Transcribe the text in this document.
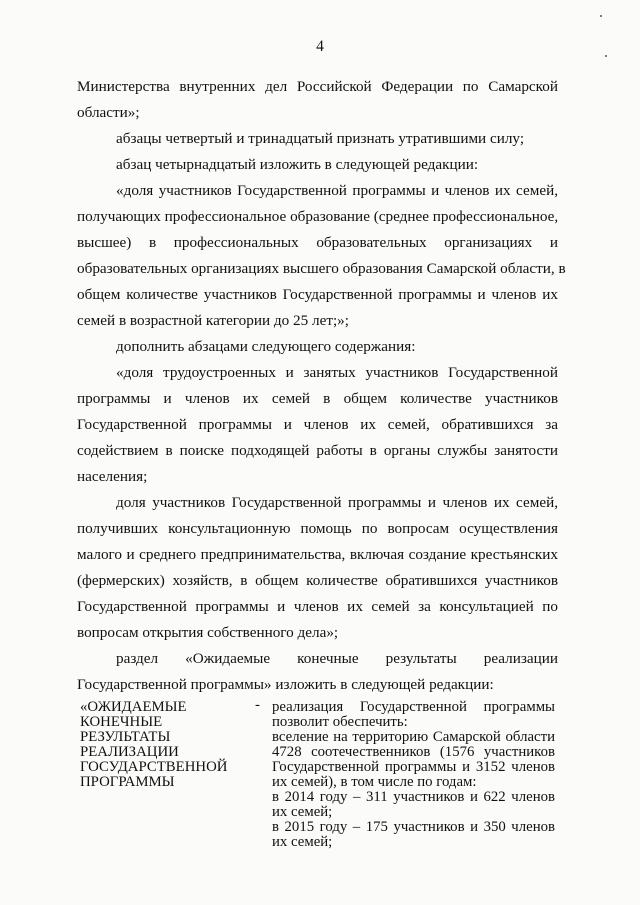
4
Министерства внутренних дел Российской Федерации по Самарской
области»;
абзацы четвертый и тринадцатый признать утратившими силу;
абзац четырнадцатый изложить в следующей редакции:
«доля участников Государственной программы и членов их семей,
получающих профессиональное образование (среднее профессиональное,
высшее) в профессиональных образовательных организациях и
образовательных организациях высшего образования Самарской области, в
общем количестве участников Государственной программы и членов их
семей в возрастной категории до 25 лет;»;
дополнить абзацами следующего содержания:
«доля трудоустроенных и занятых участников Государственной
программы и членов их семей в общем количестве участников
Государственной программы и членов их семей, обратившихся за
содействием в поиске подходящей работы в органы службы занятости
населения;
доля участников Государственной программы и членов их семей,
получивших консультационную помощь по вопросам осуществления
малого и среднего предпринимательства, включая создание крестьянских
(фермерских) хозяйств, в общем количестве обратившихся участников
Государственной программы и членов их семей за консультацией по
вопросам открытия собственного дела»;
раздел «Ожидаемые конечные результаты реализации
Государственной программы» изложить в следующей редакции:
«ОЖИДАЕМЫЕ
КОНЕЧНЫЕ
РЕЗУЛЬТАТЫ
РЕАЛИЗАЦИИ
ГОСУДАРСТВЕННОЙ
ПРОГРАММЫ
- реализация Государственной программы
позволит обеспечить:
вселение на территорию Самарской области
4728 соотечественников (1576 участников
Государственной программы и 3152 членов
их семей), в том числе по годам:
в 2014 году – 311 участников и 622 членов
их семей;
в 2015 году – 175 участников и 350 членов
их семей;
